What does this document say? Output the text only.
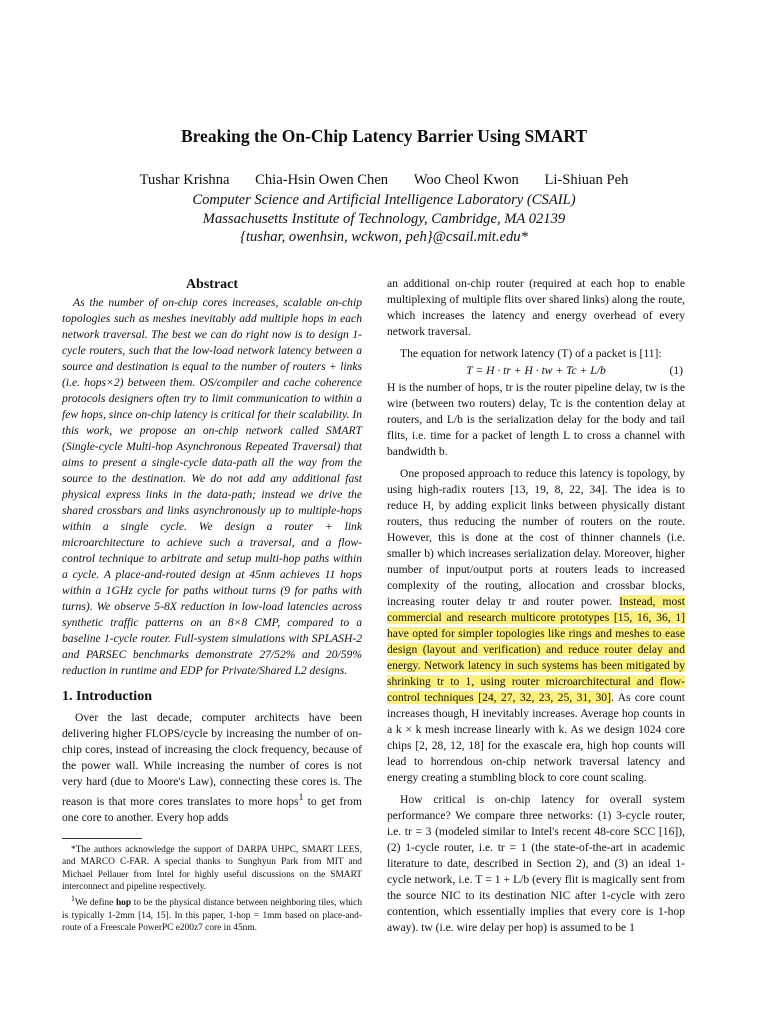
Breaking the On-Chip Latency Barrier Using SMART
Tushar Krishna Chia-Hsin Owen Chen Woo Cheol Kwon Li-Shiuan Peh
Computer Science and Artificial Intelligence Laboratory (CSAIL)
Massachusetts Institute of Technology, Cambridge, MA 02139
{tushar, owenhsin, wckwon, peh}@csail.mit.edu*
Abstract

As the number of on-chip cores increases, scalable on-chip topologies such as meshes inevitably add multiple hops in each network traversal. The best we can do right now is to design 1-cycle routers, such that the low-load network latency between a source and destination is equal to the number of routers + links (i.e. hops×2) between them. OS/compiler and cache coherence protocols designers often try to limit communication to within a few hops, since on-chip latency is critical for their scalability. In this work, we propose an on-chip network called SMART (Single-cycle Multi-hop Asynchronous Repeated Traversal) that aims to present a single-cycle data-path all the way from the source to the destination. We do not add any additional fast physical express links in the data-path; instead we drive the shared crossbars and links asynchronously up to multiple-hops within a single cycle. We design a router + link microarchitecture to achieve such a traversal, and a flow-control technique to arbitrate and setup multi-hop paths within a cycle. A place-and-routed design at 45nm achieves 11 hops within a 1GHz cycle for paths without turns (9 for paths with turns). We observe 5-8X reduction in low-load latencies across synthetic traffic patterns on an 8×8 CMP, compared to a baseline 1-cycle router. Full-system simulations with SPLASH-2 and PARSEC benchmarks demonstrate 27/52% and 20/59% reduction in runtime and EDP for Private/Shared L2 designs.

1. Introduction

Over the last decade, computer architects have been delivering higher FLOPS/cycle by increasing the number of on-chip cores, instead of increasing the clock frequency, because of the power wall. While increasing the number of cores is not very hard (due to Moore's Law), connecting these cores is. The reason is that more cores translates to more hops$^1$ to get from one core to another. Every hop adds

*The authors acknowledge the support of DARPA UHPC, SMART LEES, and MARCO C-FAR. A special thanks to Sunghyun Park from MIT and Michael Pellauer from Intel for highly useful discussions on the SMART interconnect and pipeline respectively.
$^1$We define hop to be the physical distance between neighboring tiles, which is typically 1-2mm [14, 15]. In this paper, 1-hop = 1mm based on place-and-route of a Freescale PowerPC e200z7 core in 45nm.

an additional on-chip router (required at each hop to enable multiplexing of multiple flits over shared links) along the route, which increases the latency and energy overhead of every network traversal.

The equation for network latency (T) of a packet is [11]:

T = H · tr + H · tw + Tc + L/b	(1)

H is the number of hops, tr is the router pipeline delay, tw is the wire (between two routers) delay, Tc is the contention delay at routers, and L/b is the serialization delay for the body and tail flits, i.e. time for a packet of length L to cross a channel with bandwidth b.

One proposed approach to reduce this latency is topology, by using high-radix routers [13, 19, 8, 22, 34]. The idea is to reduce H, by adding explicit links between physically distant routers, thus reducing the number of routers on the route. However, this is done at the cost of thinner channels (i.e. smaller b) which increases serialization delay. Moreover, higher number of input/output ports at routers leads to increased complexity of the routing, allocation and crossbar blocks, increasing router delay tr and router power. Instead, most commercial and research multicore prototypes [15, 16, 36, 1] have opted for simpler topologies like rings and meshes to ease design (layout and verification) and reduce router delay and energy. Network latency in such systems has been mitigated by shrinking tr to 1, using router microarchitectural and flow-control techniques [24, 27, 32, 23, 25, 31, 30]. As core count increases though, H inevitably increases. Average hop counts in a k × k mesh increase linearly with k. As we design 1024 core chips [2, 28, 12, 18] for the exascale era, high hop counts will lead to horrendous on-chip network traversal latency and energy creating a stumbling block to core count scaling.

How critical is on-chip latency for overall system performance? We compare three networks: (1) 3-cycle router, i.e. tr = 3 (modeled similar to Intel's recent 48-core SCC [16]), (2) 1-cycle router, i.e. tr = 1 (the state-of-the-art in academic literature to date, described in Section 2), and (3) an ideal 1-cycle network, i.e. T = 1 + L/b (every flit is magically sent from the source NIC to its destination NIC after 1-cycle with zero contention, which essentially implies that every core is 1-hop away). tw (i.e. wire delay per hop) is assumed to be 1
